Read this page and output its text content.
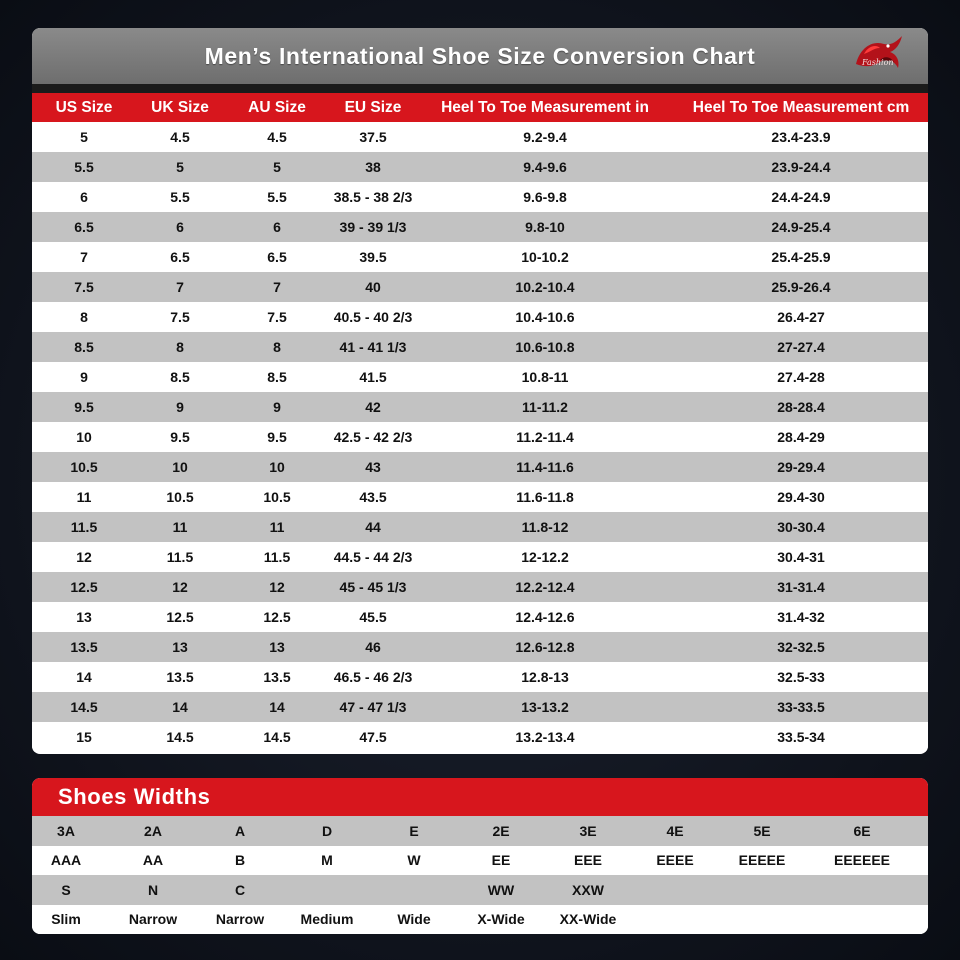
Men’s International Shoe Size Conversion Chart	Fashion
US Size	UK Size	AU Size	EU Size	Heel To Toe Measurement in	Heel To Toe Measurement cm
5	4.5	4.5	37.5	9.2-9.4	23.4-23.9
5.5	5	5	38	9.4-9.6	23.9-24.4
6	5.5	5.5	38.5 - 38 2/3	9.6-9.8	24.4-24.9
6.5	6	6	39 - 39 1/3	9.8-10	24.9-25.4
7	6.5	6.5	39.5	10-10.2	25.4-25.9
7.5	7	7	40	10.2-10.4	25.9-26.4
8	7.5	7.5	40.5 - 40 2/3	10.4-10.6	26.4-27
8.5	8	8	41 - 41 1/3	10.6-10.8	27-27.4
9	8.5	8.5	41.5	10.8-11	27.4-28
9.5	9	9	42	11-11.2	28-28.4
10	9.5	9.5	42.5 - 42 2/3	11.2-11.4	28.4-29
10.5	10	10	43	11.4-11.6	29-29.4
11	10.5	10.5	43.5	11.6-11.8	29.4-30
11.5	11	11	44	11.8-12	30-30.4
12	11.5	11.5	44.5 - 44 2/3	12-12.2	30.4-31
12.5	12	12	45 - 45 1/3	12.2-12.4	31-31.4
13	12.5	12.5	45.5	12.4-12.6	31.4-32
13.5	13	13	46	12.6-12.8	32-32.5
14	13.5	13.5	46.5 - 46 2/3	12.8-13	32.5-33
14.5	14	14	47 - 47 1/3	13-13.2	33-33.5
15	14.5	14.5	47.5	13.2-13.4	33.5-34
Shoes Widths
3A	2A	A	D	E	2E	3E	4E	5E	6E
AAA	AA	B	M	W	EE	EEE	EEEE	EEEEE	EEEEEE
S	N	C			WW	XXW			
Slim	Narrow	Narrow	Medium	Wide	X-Wide	XX-Wide			
